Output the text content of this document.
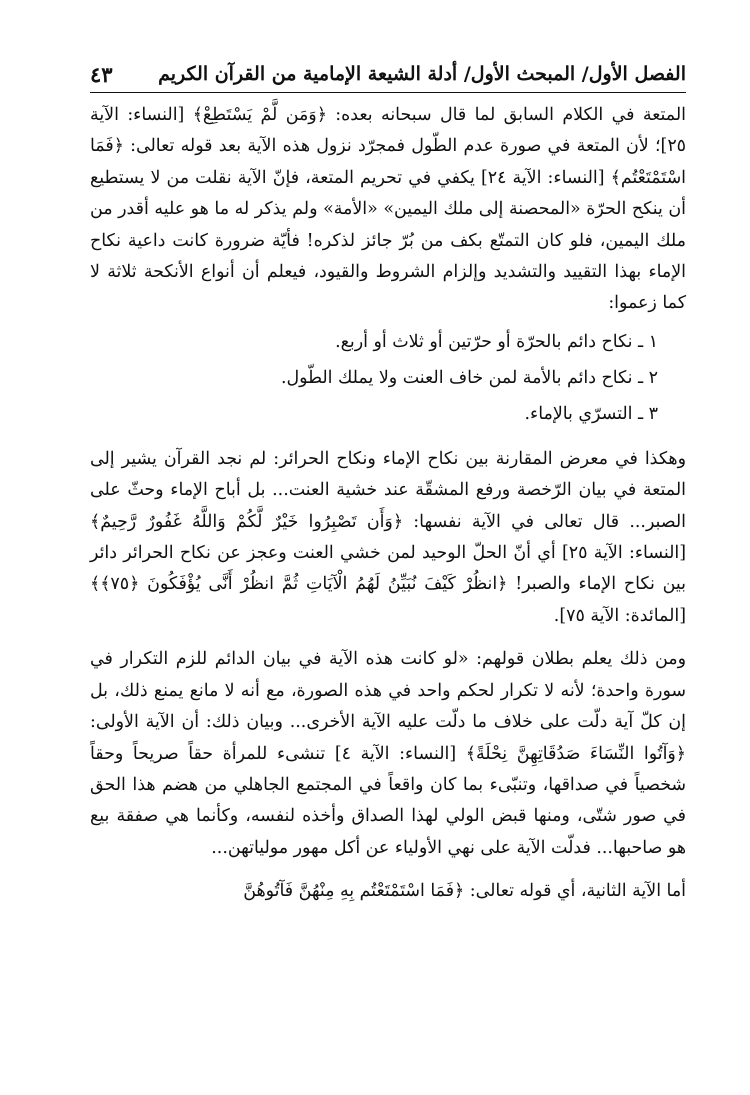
الفصل الأول/ المبحث الأول/ أدلة الشيعة الإمامية من القرآن الكريم
٤٣

المتعة في الكلام السابق لما قال سبحانه بعده: ﴿وَمَن لَّمْ يَسْتَطِعْ﴾ [النساء: الآية ٢٥]؛ لأن المتعة في صورة عدم الطّول فمجرّد نزول هذه الآية بعد قوله تعالى: ﴿فَمَا اسْتَمْتَعْتُم﴾ [النساء: الآية ٢٤] يكفي في تحريم المتعة، فإنّ الآية نقلت من لا يستطيع أن ينكح الحرّة «المحصنة إلى ملك اليمين» «الأمة» ولم يذكر له ما هو عليه أقدر من ملك اليمين، فلو كان التمتّع بكف من بُرّ جائز لذكره! فأيّة ضرورة كانت داعية نكاح الإماء بهذا التقييد والتشديد وإلزام الشروط والقيود، فيعلم أن أنواع الأنكحة ثلاثة لا كما زعموا:

١ ـ نكاح دائم بالحرّة أو حرّتين أو ثلاث أو أربع.
٢ ـ نكاح دائم بالأمة لمن خاف العنت ولا يملك الطّول.
٣ ـ التسرّي بالإماء.

وهكذا في معرض المقارنة بين نكاح الإماء ونكاح الحرائر: لم نجد القرآن يشير إلى المتعة في بيان الرّخصة ورفع المشقّة عند خشية العنت... بل أباح الإماء وحثّ على الصبر... قال تعالى في الآية نفسها: ﴿وَأَن تَصْبِرُوا خَيْرٌ لَّكُمْ وَاللَّهُ غَفُورٌ رَّحِيمٌ﴾ [النساء: الآية ٢٥] أي أنّ الحلّ الوحيد لمن خشي العنت وعجز عن نكاح الحرائر دائر بين نكاح الإماء والصبر! ﴿انظُرْ كَيْفَ نُبَيِّنُ لَهُمُ الْآيَاتِ ثُمَّ انظُرْ أَنَّى يُؤْفَكُونَ ﴿٧٥﴾﴾ [المائدة: الآية ٧٥].

ومن ذلك يعلم بطلان قولهم: «لو كانت هذه الآية في بيان الدائم للزم التكرار في سورة واحدة؛ لأنه لا تكرار لحكم واحد في هذه الصورة، مع أنه لا مانع يمنع ذلك، بل إن كلّ آية دلّت على خلاف ما دلّت عليه الآية الأخرى... وبيان ذلك: أن الآية الأولى: ﴿وَآتُوا النِّسَاءَ صَدُقَاتِهِنَّ نِحْلَةً﴾ [النساء: الآية ٤] تنشىء للمرأة حقاً صريحاً وحقاً شخصياً في صداقها، وتنبّىء بما كان واقعاً في المجتمع الجاهلي من هضم هذا الحق في صور شتّى، ومنها قبض الولي لهذا الصداق وأخذه لنفسه، وكأنما هي صفقة بيع هو صاحبها... فدلّت الآية على نهي الأولياء عن أكل مهور مولياتهن...

أما الآية الثانية، أي قوله تعالى: ﴿فَمَا اسْتَمْتَعْتُم بِهِ مِنْهُنَّ فَآتُوهُنَّ
